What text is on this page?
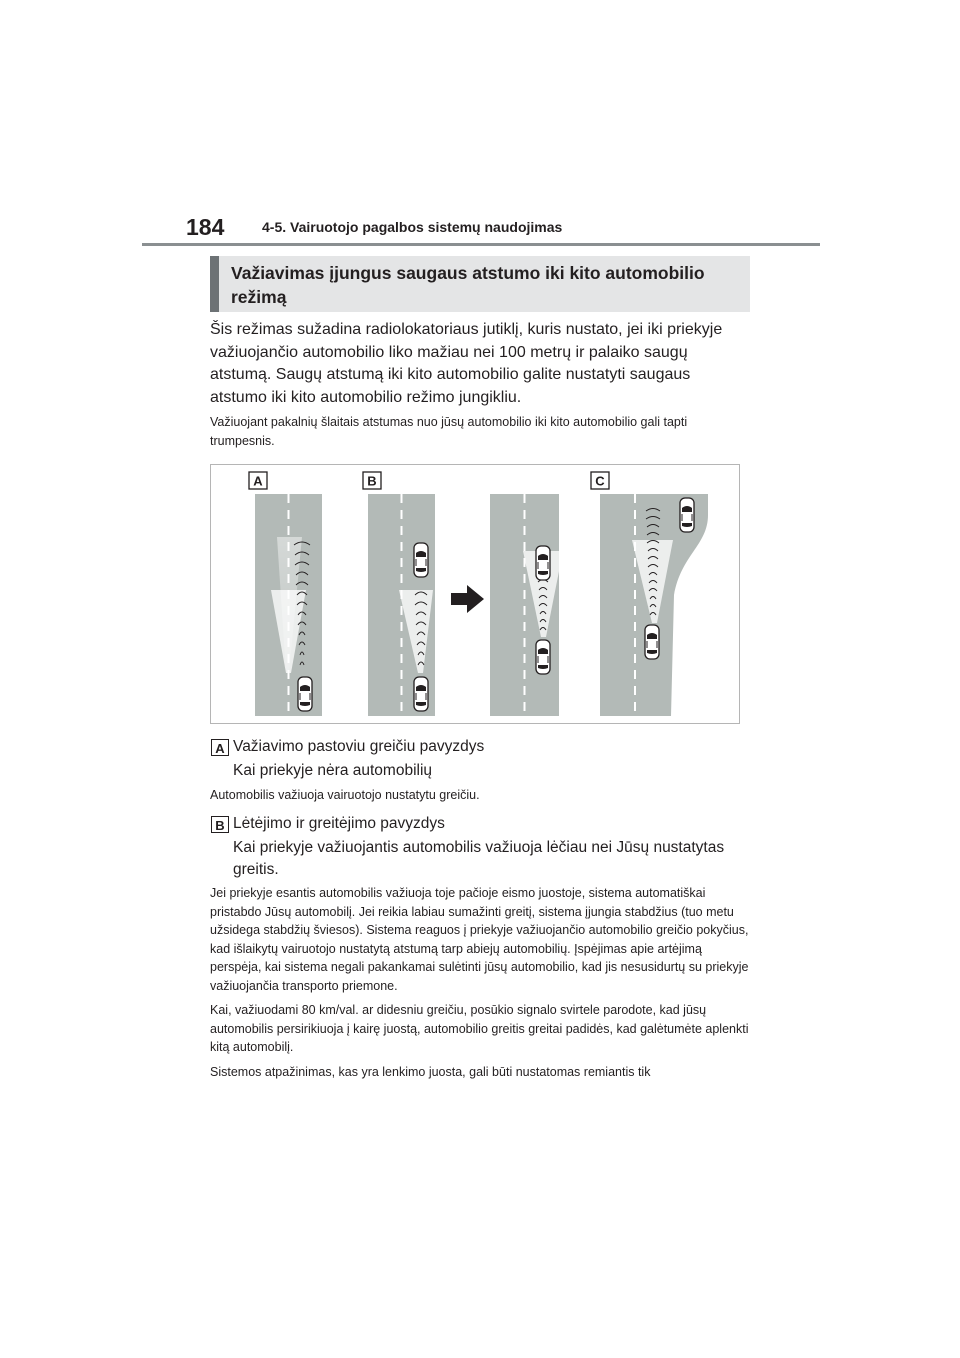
184	4-5. Vairuotojo pagalbos sistemų naudojimas
Važiavimas įjungus saugaus atstumo iki kito automobilio režimą
Šis režimas sužadina radiolokatoriaus jutiklį, kuris nustato, jei iki priekyje važiuojančio automobilio liko mažiau nei 100 metrų ir palaiko saugų atstumą. Saugų atstumą iki kito automobilio galite nustatyti saugaus atstumo iki kito automobilio režimo jungikliu.
Važiuojant pakalnių šlaitais atstumas nuo jūsų automobilio iki kito automobilio gali tapti trumpesnis.
A	B	C
A Važiavimo pastoviu greičiu pavyzdys
Kai priekyje nėra automobilių
Automobilis važiuoja vairuotojo nustatytu greičiu.
B Lėtėjimo ir greitėjimo pavyzdys
Kai priekyje važiuojantis automobilis važiuoja lėčiau nei Jūsų nustatytas greitis.

Jei priekyje esantis automobilis važiuoja toje pačioje eismo juostoje, sistema automatiškai pristabdo Jūsų automobilį. Jei reikia labiau sumažinti greitį, sistema įjungia stabdžius (tuo metu užsidega stabdžių šviesos). Sistema reaguos į priekyje važiuojančio automobilio greičio pokyčius, kad išlaikytų vairuotojo nustatytą atstumą tarp abiejų automobilių. Įspėjimas apie artėjimą perspėja, kai sistema negali pakankamai sulėtinti jūsų automobilio, kad jis nesusidurtų su priekyje važiuojančia transporto priemone.

Kai, važiuodami 80 km/val. ar didesniu greičiu, posūkio signalo svirtele parodote, kad jūsų automobilis persirikiuoja į kairę juostą, automobilio greitis greitai padidės, kad galėtumėte aplenkti kitą automobilį.

Sistemos atpažinimas, kas yra lenkimo juosta, gali būti nustatomas remiantis tik
